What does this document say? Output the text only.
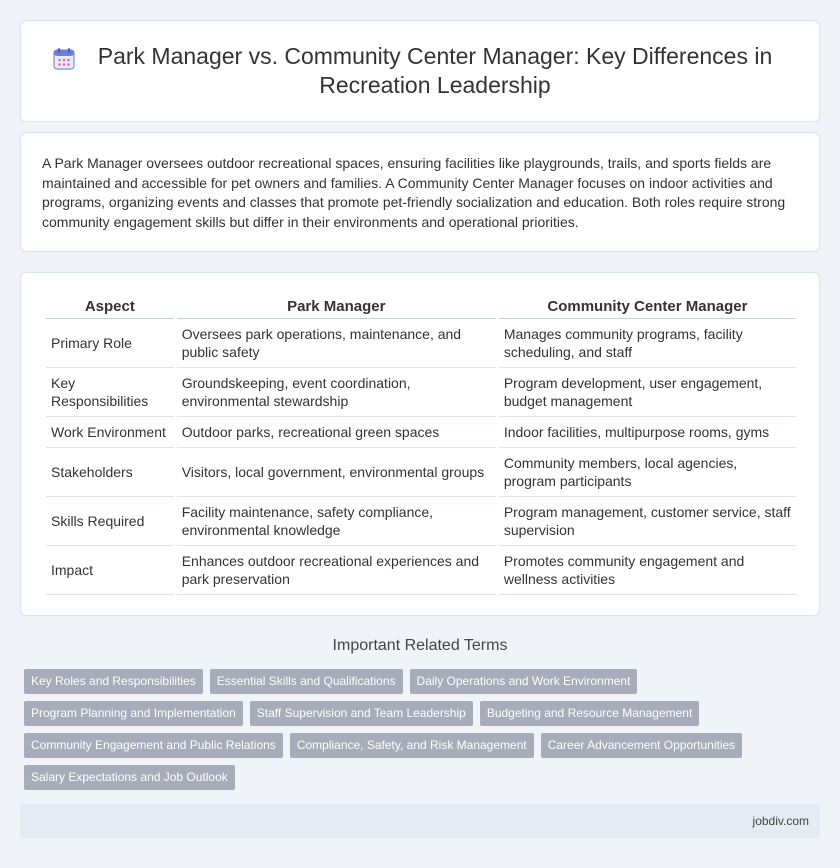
Park Manager vs. Community Center Manager: Key Differences in Recreation Leadership

A Park Manager oversees outdoor recreational spaces, ensuring facilities like playgrounds, trails, and sports fields are maintained and accessible for pet owners and families. A Community Center Manager focuses on indoor activities and programs, organizing events and classes that promote pet-friendly socialization and education. Both roles require strong community engagement skills but differ in their environments and operational priorities.

Aspect	Park Manager	Community Center Manager
Primary Role	Oversees park operations, maintenance, and public safety	Manages community programs, facility scheduling, and staff
Key Responsibilities	Groundskeeping, event coordination, environmental stewardship	Program development, user engagement, budget management
Work Environment	Outdoor parks, recreational green spaces	Indoor facilities, multipurpose rooms, gyms
Stakeholders	Visitors, local government, environmental groups	Community members, local agencies, program participants
Skills Required	Facility maintenance, safety compliance, environmental knowledge	Program management, customer service, staff supervision
Impact	Enhances outdoor recreational experiences and park preservation	Promotes community engagement and wellness activities
Important Related Terms
Key Roles and Responsibilities	Essential Skills and Qualifications	Daily Operations and Work Environment
Program Planning and Implementation	Staff Supervision and Team Leadership	Budgeting and Resource Management
Community Engagement and Public Relations	Compliance, Safety, and Risk Management	Career Advancement Opportunities
Salary Expectations and Job Outlook
jobdiv.com
